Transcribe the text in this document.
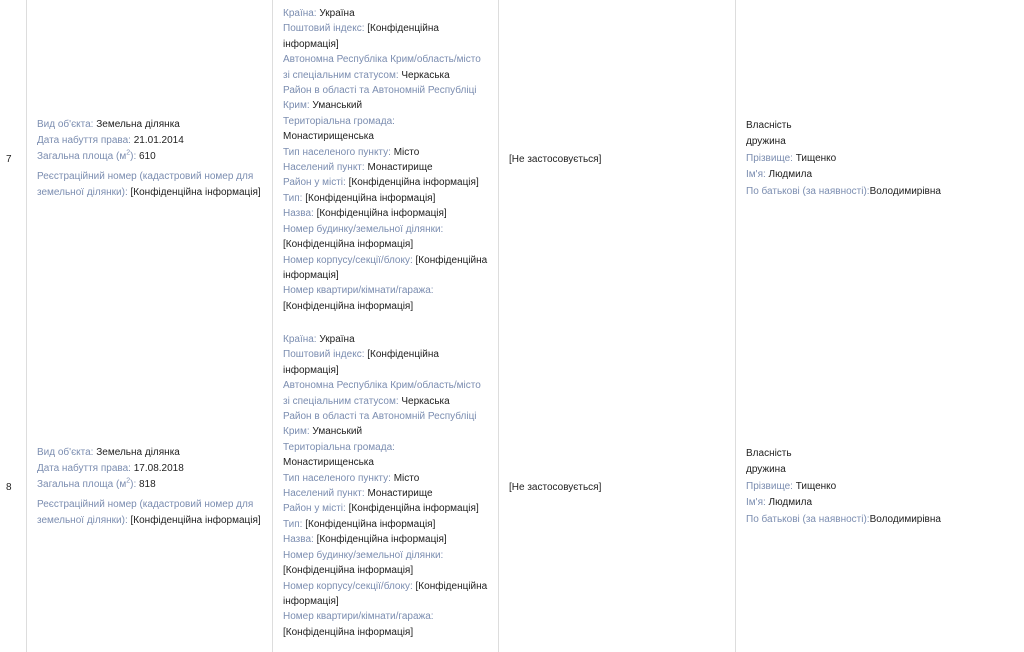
7
Вид об'єкта: Земельна ділянка
Дата набуття права: 21.01.2014
Загальна площа $(м^2)$: 610
Реєстраційний номер (кадастровий номер для земельної ділянки): [Конфіденційна інформація]
Країна: Україна
Поштовий індекс: [Конфіденційна інформація]
Автономна Республіка Крим/область/місто зі спеціальним статусом: Черкаська
Район в області та Автономній Республіці Крим: Уманський
Територіальна громада: Монастирищенська
Тип населеного пункту: Місто
Населений пункт: Монастирище
Район у місті: [Конфіденційна інформація]
Тип: [Конфіденційна інформація]
Назва: [Конфіденційна інформація]
Номер будинку/земельної ділянки: [Конфіденційна інформація]
Номер корпусу/секції/блоку: [Конфіденційна інформація]
Номер квартири/кімнати/гаража: [Конфіденційна інформація]
[Не застосовується]
Власність
дружина
Прізвище: Тищенко
Ім'я: Людмила
По батькові (за наявності):Володимирівна
8
Вид об'єкта: Земельна ділянка
Дата набуття права: 17.08.2018
Загальна площа $(м^2)$: 818
Реєстраційний номер (кадастровий номер для земельної ділянки): [Конфіденційна інформація]
Країна: Україна
Поштовий індекс: [Конфіденційна інформація]
Автономна Республіка Крим/область/місто зі спеціальним статусом: Черкаська
Район в області та Автономній Республіці Крим: Уманський
Територіальна громада: Монастирищенська
Тип населеного пункту: Місто
Населений пункт: Монастирище
Район у місті: [Конфіденційна інформація]
Тип: [Конфіденційна інформація]
Назва: [Конфіденційна інформація]
Номер будинку/земельної ділянки: [Конфіденційна інформація]
Номер корпусу/секції/блоку: [Конфіденційна інформація]
Номер квартири/кімнати/гаража: [Конфіденційна інформація]
[Не застосовується]
Власність
дружина
Прізвище: Тищенко
Ім'я: Людмила
По батькові (за наявності):Володимирівна
